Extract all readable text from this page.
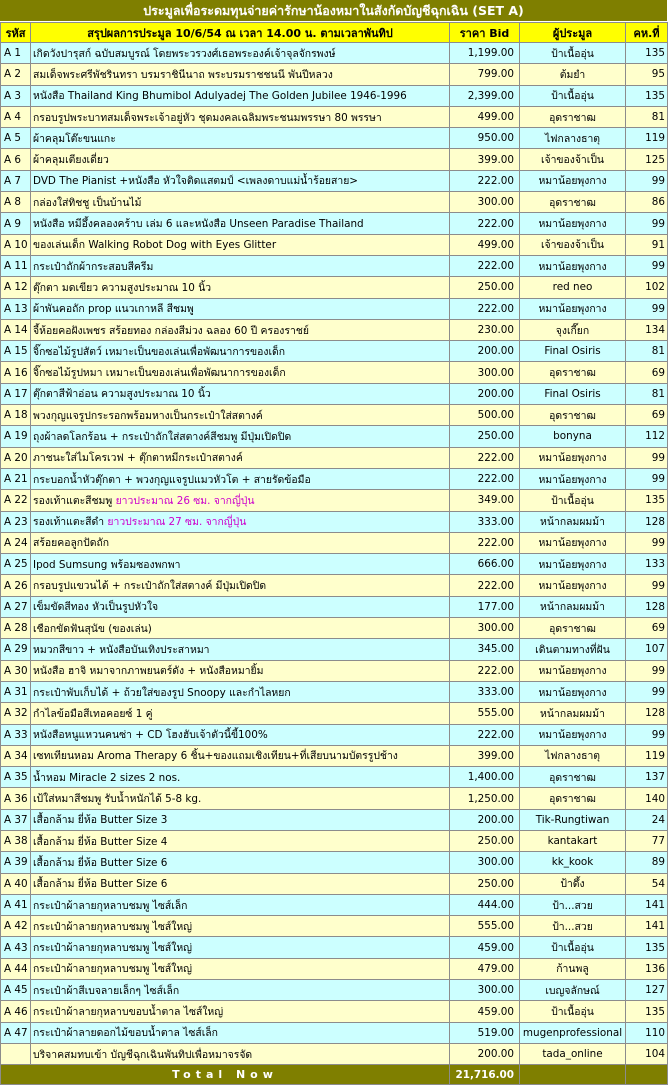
ประมูลเพื่อระดมทุนจ่ายค่ารักษาน้องหมาในสังกัดบัญชีฉุกเฉิน (SET A)
รหัส	สรุปผลการประมูล 10/6/54 ณ เวลา 14.00 น. ตามเวลาพันทิป	ราคา Bid	ผู้ประมูล	คห.ที่
A 1	เกิดวังปารุสก์ ฉบับสมบูรณ์ โดยพระวรวงศ์เธอพระองค์เจ้าจุลจักรพงษ์	1,199.00	ป้าเนื้ออุ่น	135
A 2	สมเด็จพระศรีพัชรินทรา บรมราชินีนาถ พระบรมราชชนนี พันปีหลวง	799.00	ต้มยำ	95
A 3	หนังสือ Thailand King Bhumibol Adulyadej The Golden Jubilee 1946-1996	2,399.00	ป้าเนื้ออุ่น	135
A 4	กรอบรูปพระบาทสมเด็จพระเจ้าอยู่หัว ชุดมงคลเฉลิมพระชนมพรรษา 80 พรรษา	499.00	อุดราชาฒ	81
A 5	ผ้าคลุมโต๊ะขนแกะ	950.00	ไฟกลางธาตุ	119
A 6	ผ้าคลุมเตียงเดี่ยว	399.00	เจ้าของจ้าเป็น	125
A 7	DVD The Pianist +หนังสือ หัวใจติดแสตมป์ <เพลงดาบแม่น้ำร้อยสาย>	222.00	หมาน้อยพุงกาง	99
A 8	กล่องใส่ทิชชู เป็นบ้านไม้	300.00	อุดราชาฒ	86
A 9	หนังสือ หมีอึ้งคลองคร้าบ เล่ม 6 และหนังสือ Unseen Paradise Thailand	222.00	หมาน้อยพุงกาง	99
A 10	ของเล่นเด็ก Walking Robot Dog with Eyes Glitter	499.00	เจ้าของจ้าเป็น	91
A 11	กระเป๋าถักผ้ากระสอบสีครีม	222.00	หมาน้อยพุงกาง	99
A 12	ตุ๊กตา มดเขียว ความสูงประมาณ 10 นิ้ว	250.00	red neo	102
A 13	ผ้าพันคอถัก prop แนวเกาหลี สีชมพู	222.00	หมาน้อยพุงกาง	99
A 14	จี้ห้อยคอฝังเพชร สร้อยทอง กล่องสีม่วง ฉลอง 60 ปี ครองราชย์	230.00	จุงเกี๊ยก	134
A 15	จิ๊กซอไม้รูปสัตว์ เหมาะเป็นของเล่นเพื่อพัฒนาการของเด็ก	200.00	Final Osiris	81
A 16	จิ๊กซอไม้รูปหมา เหมาะเป็นของเล่นเพื่อพัฒนาการของเด็ก	300.00	อุดราชาฒ	69
A 17	ตุ๊กตาสีฟ้าอ่อน ความสูงประมาณ 10 นิ้ว	200.00	Final Osiris	81
A 18	พวงกุญแจรูปกระรอกพร้อมหางเป็นกระเป๋าใส่สตางค์	500.00	อุดราชาฒ	69
A 19	ถุงผ้าลดโลกร้อน + กระเป๋าถักใส่สตางค์สีชมพู มีปุ่มเปิดปิด	250.00	bonyna	112
A 20	ภาชนะใส่ไมโครเวฟ + ตุ๊กตาหมีกระเป๋าสตางค์	222.00	หมาน้อยพุงกาง	99
A 21	กระบอกน้ำหัวตุ๊กตา + พวงกุญแจรูปแมวหัวโต + สายรัดข้อมือ	222.00	หมาน้อยพุงกาง	99
A 22	รองเท้าแตะสีชมพู ยาวประมาณ 26 ซม. จากญี่ปุ่น	349.00	ป้าเนื้ออุ่น	135
A 23	รองเท้าแตะสีดำ ยาวประมาณ 27 ซม. จากญี่ปุ่น	333.00	หน้ากลมผมม้า	128
A 24	สร้อยคอลูกปัดถัก	222.00	หมาน้อยพุงกาง	99
A 25	Ipod Sumsung พร้อมซองพกพา	666.00	หมาน้อยพุงกาง	133
A 26	กรอบรูปแขวนได้ + กระเป๋าถักใส่สตางค์ มีปุ่มเปิดปิด	222.00	หมาน้อยพุงกาง	99
A 27	เข็มขัดสีทอง หัวเป็นรูปหัวใจ	177.00	หน้ากลมผมม้า	128
A 28	เชือกขัดฟันสุนัข (ของเล่น)	300.00	อุดราชาฒ	69
A 29	หมวกสีขาว + หนังสือบันเทิงประสาหมา	345.00	เดินตามทางที่ฝัน	107
A 30	หนังสือ ฮาจิ หมาจากภาพยนตร์ดัง + หนังสือหมายิ้ม	222.00	หมาน้อยพุงกาง	99
A 31	กระเป๋าพับเก็บได้ + ถ้วยใส่ของรูป Snoopy และกำไลหยก	333.00	หมาน้อยพุงกาง	99
A 32	กำไลข้อมือสีเทอคอยซ์ 1 คู่	555.00	หน้ากลมผมม้า	128
A 33	หนังสือหนูแหวนคนซ่า + CD โฮงฮับเจ้าตัวนี้ขี้100%	222.00	หมาน้อยพุงกาง	99
A 34	เซทเทียนหอม Aroma Therapy 6 ชิ้น+ของแถมเชิงเทียน+ที่เสียบนามบัตรรูปช้าง	399.00	ไฟกลางธาตุ	119
A 35	น้ำหอม Miracle 2 sizes 2 nos.	1,400.00	อุดราชาฒ	137
A 36	เป้ใส่หมาสีชมพู รับน้ำหนักได้ 5-8 kg.	1,250.00	อุดราชาฒ	140
A 37	เสื้อกล้าม ยี่ห้อ Butter Size 3	200.00	Tik-Rungtiwan	24
A 38	เสื้อกล้าม ยี่ห้อ Butter Size 4	250.00	kantakart	77
A 39	เสื้อกล้าม ยี่ห้อ Butter Size 6	300.00	kk_kook	89
A 40	เสื้อกล้าม ยี่ห้อ Butter Size 6	250.00	ป้าดึ้ง	54
A 41	กระเป๋าผ้าลายกุหลาบชมพู ไซส์เล็ก	444.00	ป้า...สวย	141
A 42	กระเป๋าผ้าลายกุหลาบชมพู ไซส์ใหญ่	555.00	ป้า...สวย	141
A 43	กระเป๋าผ้าลายกุหลาบชมพู ไซส์ใหญ่	459.00	ป้าเนื้ออุ่น	135
A 44	กระเป๋าผ้าลายกุหลาบชมพู ไซส์ใหญ่	479.00	ก้านพลู	136
A 45	กระเป๋าผ้าสีเบจลายเล็กๆ ไซส์เล็ก	300.00	เบญจลักษณ์	127
A 46	กระเป๋าผ้าลายกุหลาบขอบน้ำตาล ไซส์ใหญ่	459.00	ป้าเนื้ออุ่น	135
A 47	กระเป๋าผ้าลายดอกไม้ขอบน้ำตาล ไซส์เล็ก	519.00	mugenprofessional	110
	บริจาคสมทบเข้า บัญชีฉุกเฉินพันทิปเพื่อหมาจรจัด	200.00	tada_online	104
Total Now		21,716.00		
